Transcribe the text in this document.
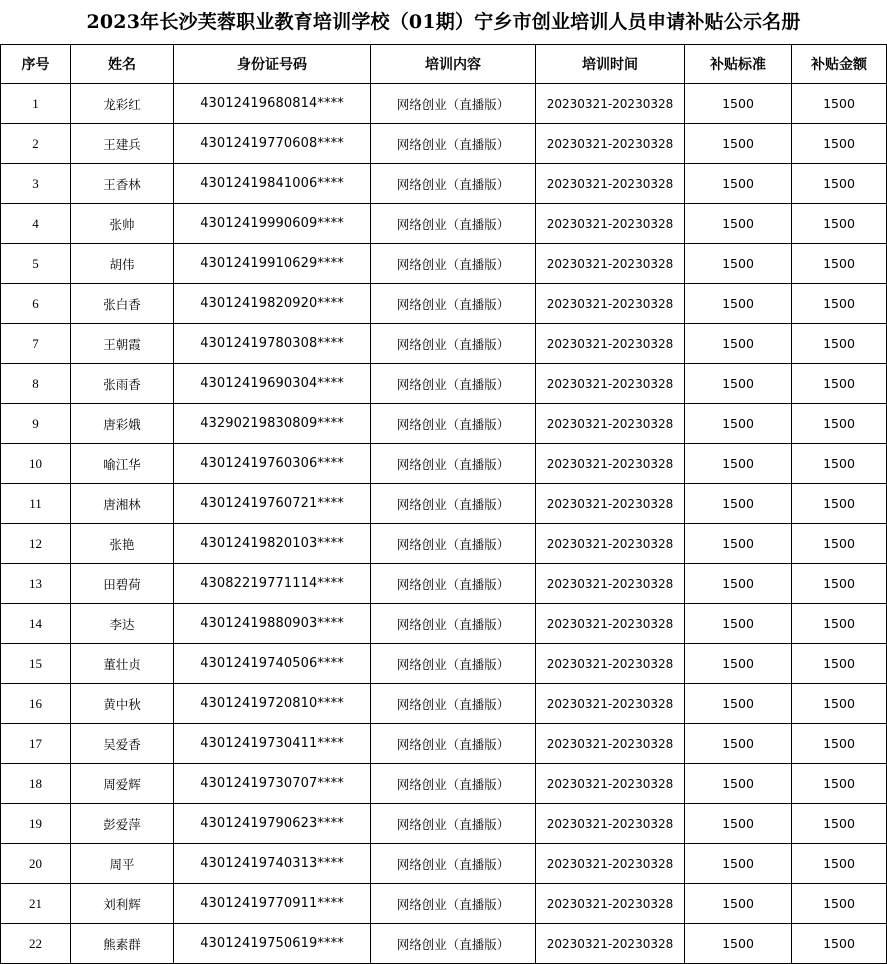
2023年长沙芙蓉职业教育培训学校（01期）宁乡市创业培训人员申请补贴公示名册
序号	姓名	身份证号码	培训内容	培训时间	补贴标准	补贴金额
1	龙彩红	43012419680814****	网络创业（直播版）	20230321-20230328	1500	1500
2	王建兵	43012419770608****	网络创业（直播版）	20230321-20230328	1500	1500
3	王香林	43012419841006****	网络创业（直播版）	20230321-20230328	1500	1500
4	张帅	43012419990609****	网络创业（直播版）	20230321-20230328	1500	1500
5	胡伟	43012419910629****	网络创业（直播版）	20230321-20230328	1500	1500
6	张白香	43012419820920****	网络创业（直播版）	20230321-20230328	1500	1500
7	王朝霞	43012419780308****	网络创业（直播版）	20230321-20230328	1500	1500
8	张雨香	43012419690304****	网络创业（直播版）	20230321-20230328	1500	1500
9	唐彩娥	43290219830809****	网络创业（直播版）	20230321-20230328	1500	1500
10	喻江华	43012419760306****	网络创业（直播版）	20230321-20230328	1500	1500
11	唐湘林	43012419760721****	网络创业（直播版）	20230321-20230328	1500	1500
12	张艳	43012419820103****	网络创业（直播版）	20230321-20230328	1500	1500
13	田碧荷	43082219771114****	网络创业（直播版）	20230321-20230328	1500	1500
14	李达	43012419880903****	网络创业（直播版）	20230321-20230328	1500	1500
15	董壮贞	43012419740506****	网络创业（直播版）	20230321-20230328	1500	1500
16	黄中秋	43012419720810****	网络创业（直播版）	20230321-20230328	1500	1500
17	吴爱香	43012419730411****	网络创业（直播版）	20230321-20230328	1500	1500
18	周爱辉	43012419730707****	网络创业（直播版）	20230321-20230328	1500	1500
19	彭爱萍	43012419790623****	网络创业（直播版）	20230321-20230328	1500	1500
20	周平	43012419740313****	网络创业（直播版）	20230321-20230328	1500	1500
21	刘利辉	43012419770911****	网络创业（直播版）	20230321-20230328	1500	1500
22	熊素群	43012419750619****	网络创业（直播版）	20230321-20230328	1500	1500
